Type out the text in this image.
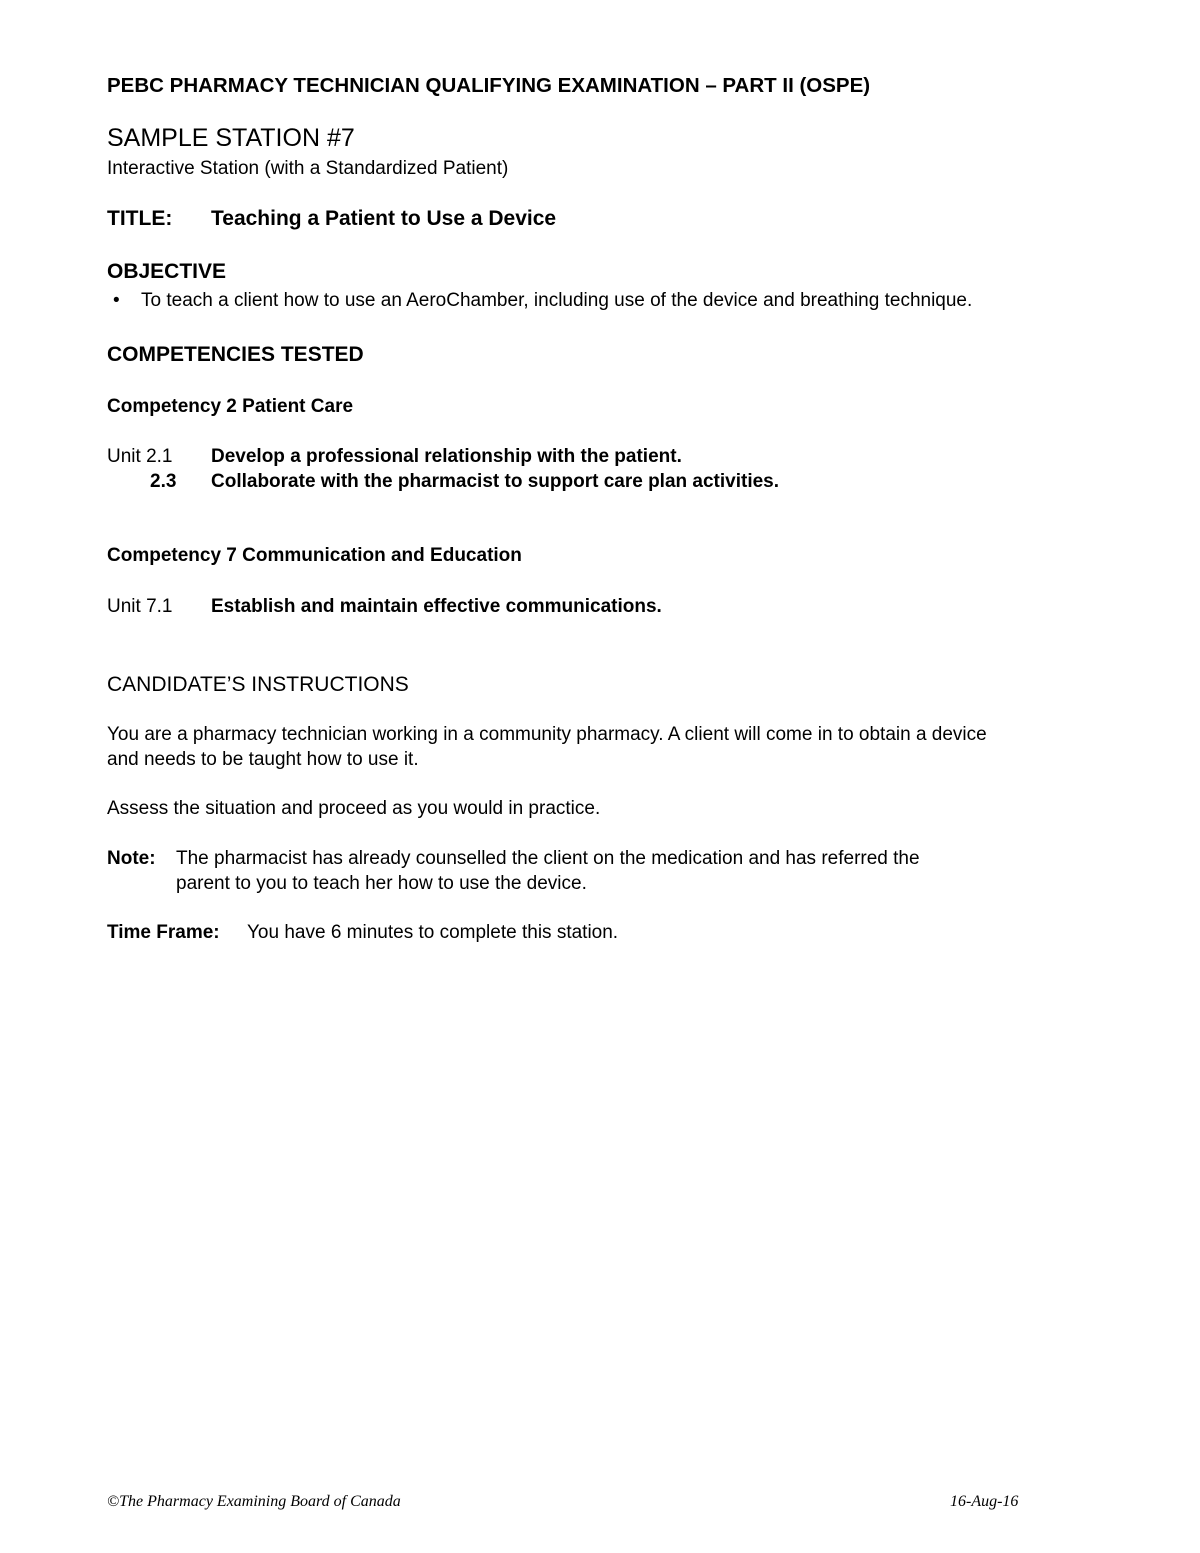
PEBC PHARMACY TECHNICIAN QUALIFYING EXAMINATION – PART II (OSPE)
SAMPLE STATION #7
Interactive Station (with a Standardized Patient)
TITLE: Teaching a Patient to Use a Device
OBJECTIVE
• To teach a client how to use an AeroChamber, including use of the device and breathing technique.
COMPETENCIES TESTED
Competency 2 Patient Care
Unit 2.1 Develop a professional relationship with the patient.
2.3 Collaborate with the pharmacist to support care plan activities.
Competency 7 Communication and Education
Unit 7.1 Establish and maintain effective communications.
CANDIDATE’S INSTRUCTIONS
You are a pharmacy technician working in a community pharmacy. A client will come in to obtain a device
and needs to be taught how to use it.
Assess the situation and proceed as you would in practice.
Note: The pharmacist has already counselled the client on the medication and has referred the
parent to you to teach her how to use the device.
Time Frame: You have 6 minutes to complete this station.
©The Pharmacy Examining Board of Canada	16-Aug-16
